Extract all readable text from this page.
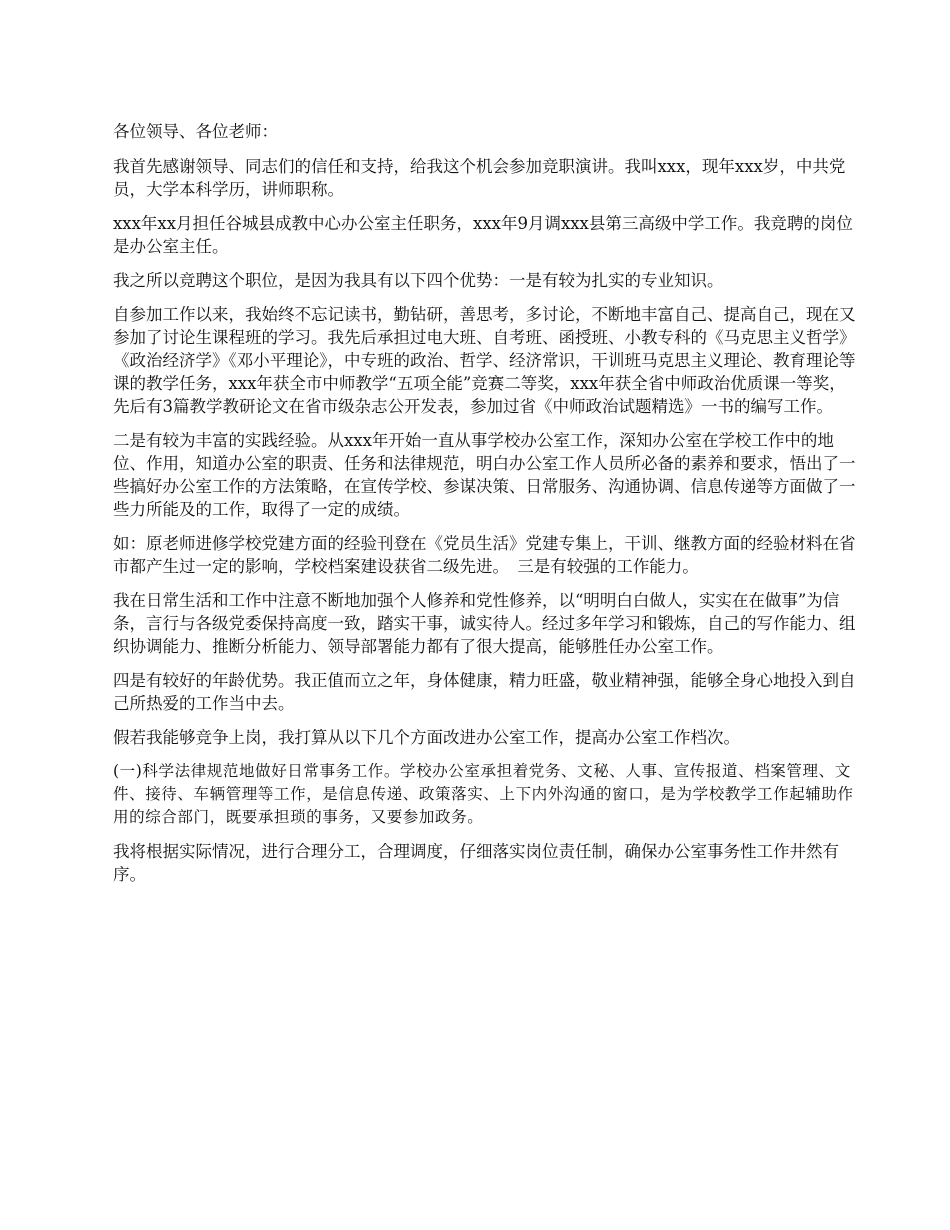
各位领导、各位老师：

我首先感谢领导、同志们的信任和支持，给我这个机会参加竞职演讲。我叫xxx，现年xxx岁，中共党员，大学本科学历，讲师职称。

xxx年xx月担任谷城县成教中心办公室主任职务，xxx年9月调xxx县第三高级中学工作。我竞聘的岗位是办公室主任。

我之所以竞聘这个职位，是因为我具有以下四个优势：一是有较为扎实的专业知识。

自参加工作以来，我始终不忘记读书，勤钻研，善思考，多讨论，不断地丰富自己、提高自己，现在又参加了讨论生课程班的学习。我先后承担过电大班、自考班、函授班、小教专科的《马克思主义哲学》《政治经济学》《邓小平理论》，中专班的政治、哲学、经济常识，干训班马克思主义理论、教育理论等课的教学任务，xxx年获全市中师教学“五项全能”竞赛二等奖，xxx年获全省中师政治优质课一等奖，先后有3篇教学教研论文在省市级杂志公开发表，参加过省《中师政治试题精选》一书的编写工作。

二是有较为丰富的实践经验。从xxx年开始一直从事学校办公室工作，深知办公室在学校工作中的地位、作用，知道办公室的职责、任务和法律规范，明白办公室工作人员所必备的素养和要求，悟出了一些搞好办公室工作的方法策略，在宣传学校、参谋决策、日常服务、沟通协调、信息传递等方面做了一些力所能及的工作，取得了一定的成绩。

如：原老师进修学校党建方面的经验刊登在《党员生活》党建专集上，干训、继教方面的经验材料在省市都产生过一定的影响，学校档案建设获省二级先进。　三是有较强的工作能力。

我在日常生活和工作中注意不断地加强个人修养和党性修养，以“明明白白做人，实实在在做事”为信条，言行与各级党委保持高度一致，踏实干事，诚实待人。经过多年学习和锻炼，自己的写作能力、组织协调能力、推断分析能力、领导部署能力都有了很大提高，能够胜任办公室工作。

四是有较好的年龄优势。我正值而立之年，身体健康，精力旺盛，敬业精神强，能够全身心地投入到自己所热爱的工作当中去。

假若我能够竞争上岗，我打算从以下几个方面改进办公室工作，提高办公室工作档次。

(一)科学法律规范地做好日常事务工作。学校办公室承担着党务、文秘、人事、宣传报道、档案管理、文件、接待、车辆管理等工作，是信息传递、政策落实、上下内外沟通的窗口，是为学校教学工作起辅助作用的综合部门，既要承担琐的事务，又要参加政务。

我将根据实际情况，进行合理分工，合理调度，仔细落实岗位责任制，确保办公室事务性工作井然有序。
